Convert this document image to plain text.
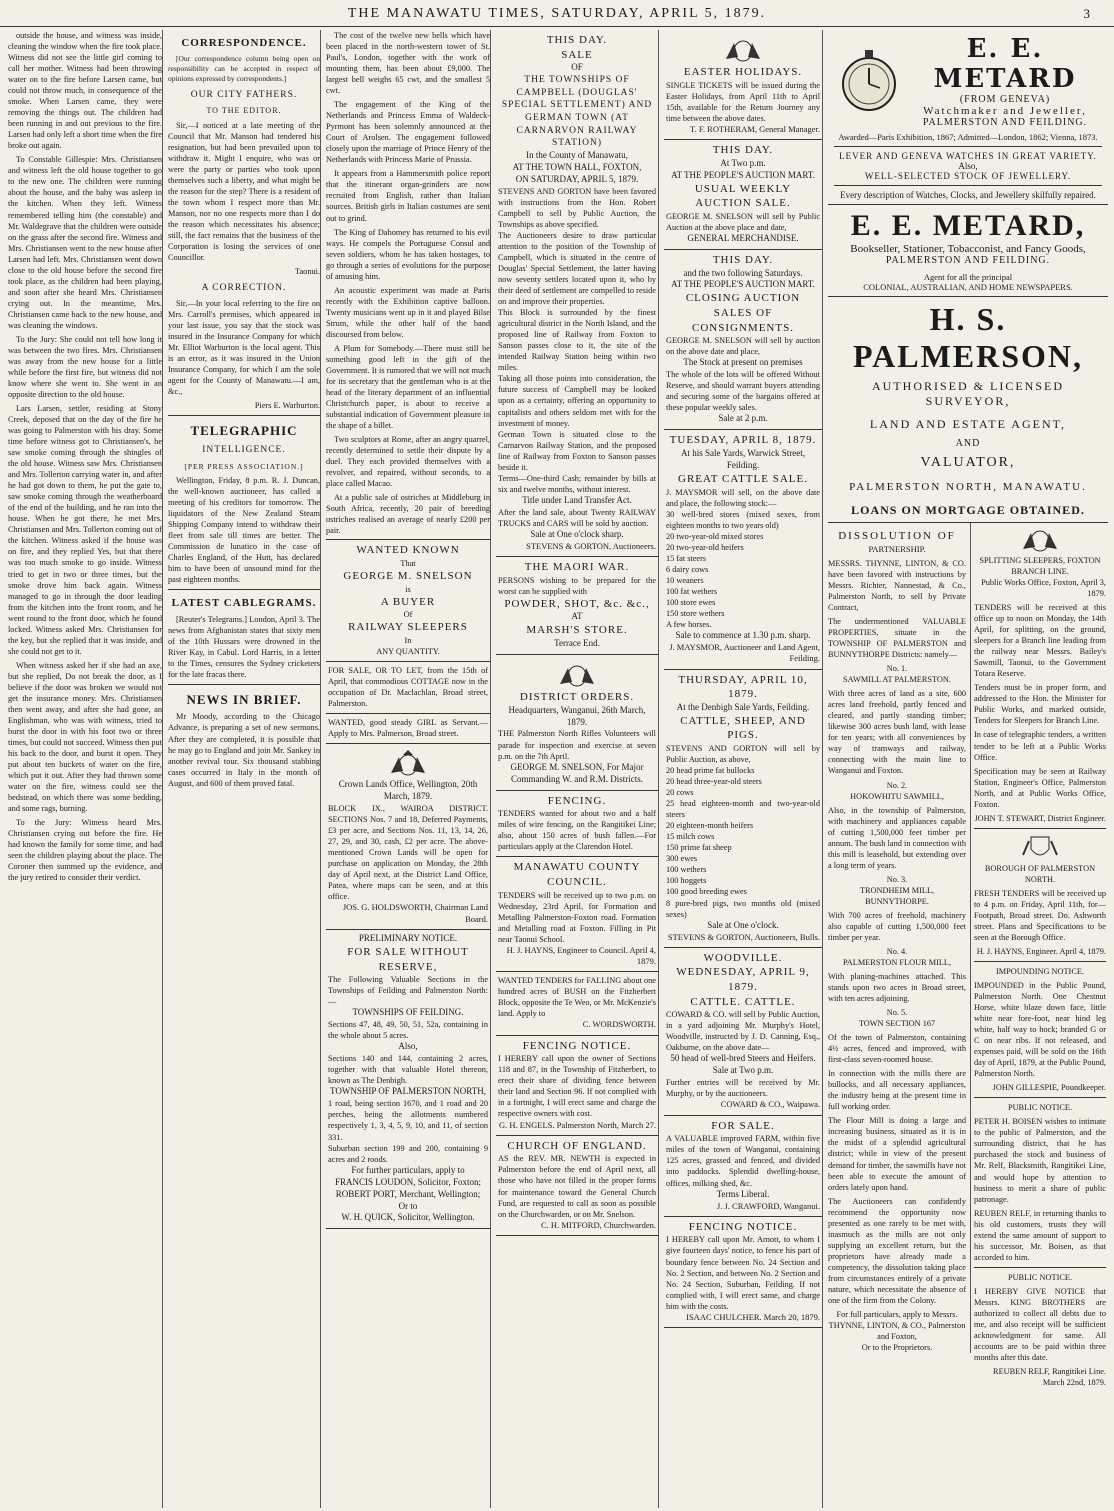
THE MANAWATU TIMES, SATURDAY, APRIL 5, 1879.	3

outside the house, and witness was inside, cleaning the window when the fire took place. Witness did not see the little girl coming to call her mother. Witness had been throwing water on to the fire before Larsen came, but could not throw much, in consequence of the smoke. When Larsen came, they were removing the things out. The children had been running in and out previous to the fire. Larsen had only left a short time when the fire broke out again.

To Constable Gillespie: Mrs. Christiansen and witness left the old house together to go to the new one. The children were running about the house, and the baby was asleep in the kitchen. When they left. Witness remembered telling him (the constable) and Mr. Waldegrave that the children were outside on the grass after the second fire. Witness and Mrs. Christiansen went to the new house after Larsen had left. Mrs. Christiansen went down close to the old house before the second fire took place, as the children had been playing, and soon after she heard Mrs. Christiansen crying out. In the meantime, Mrs. Christiansen came back to the new house, and was cleaning the windows.

To the Jury: She could not tell how long it was between the two fires. Mrs. Christiansen was away from the new house for a little while before the first fire, but witness did not know where she went to. She went in an opposite direction to the old house.

Lars Larsen, settler, residing at Stony Creek, deposed that on the day of the fire he was going to Palmerston with his dray. Some time before witness got to Christiansen's, he saw smoke coming through the shingles of the old house. Witness saw Mrs. Christiansen and Mrs. Tollerton carrying water in, and after he had got down to them, he put the gate to, saw smoke coming through the weatherboard of the end of the building, and he ran into the house. When he got there, he met Mrs. Christiansen and Mrs. Tollerton coming out of the kitchen. Witness asked if the house was on fire, and they replied Yes, but that there was too much smoke to go inside. Witness tried to get in two or three times, but the smoke drove him back again. Witness managed to go in through the door leading from the kitchen into the front room, and he went round to the front door, which he found locked. Witness asked Mrs. Christiansen for the key, but she replied that it was inside, and she could not get to it.

When witness asked her if she had an axe, but she replied, Do not break the door, as I believe if the door was broken we would not get the insurance money. Mrs. Christiansen then went away, and after she had gone, an Englishman, who was with witness, tried to burst the door in with his foot two or three times, but could not succeed. Witness then put his back to the door, and burst it open. They put about ten buckets of water on the fire, which put it out. After they had thrown some water on the fire, witness could see the bedstead, on which there was some bedding, and some rags, burning.

To the Jury: Witness heard Mrs. Christiansen crying out before the fire. He had known the family for some time, and had seen the children playing about the place. The Coroner then summed up the evidence, and the jury retired to consider their verdict.

CORRESPONDENCE.

[Our correspondence column being open on responsibility can be accepted in respect of opinions expressed by correspondents.]

OUR CITY FATHERS.
TO THE EDITOR.

Sir,—I noticed at a late meeting of the Council that Mr. Manson had tendered his resignation, but had been prevailed upon to withdraw it. Might I enquire, who was or were the party or parties who took upon themselves such a liberty, and what might be the reason for the step? There is a resident of the town whom I respect more than Mr. Manson, nor no one respects more than I do the reason which necessitates his absence; still, the fact remains that the business of the Corporation is losing the services of one Councillor.

Taonui.
A CORRECTION.

Sir,—In your local referring to the fire on Mrs. Carroll's premises, which appeared in your last issue, you say that the stock was insured in the Insurance Company for which Mr. Elliot Warburton is the local agent. This is an error, as it was insured in the Union Insurance Company, for which I am the sole agent for the County of Manawatu.—I am, &c.,

Piers E. Warburton.
TELEGRAPHIC
INTELLIGENCE.
[PER PRESS ASSOCIATION.]

Wellington, Friday, 8 p.m. R. J. Duncan, the well-known auctioneer, has called a meeting of his creditors for tomorrow. The liquidators of the New Zealand Steam Shipping Company intend to withdraw their fleet from sale till times are better. The Commission de lunatico in the case of Charles England, of the Hutt, has declared him to have been of unsound mind for the past eighteen months.

LATEST CABLEGRAMS.

[Reuter's Telegrams.] London, April 3. The news from Afghanistan states that sixty men of the 10th Hussars were drowned in the River Kay, in Cabul. Lord Harris, in a letter to the Times, censures the Sydney cricketers for the late fracas there.

NEWS IN BRIEF.

Mr Moody, according to the Chicago Advance, is preparing a set of new sermons. After they are completed, it is possible that he may go to England and join Mr. Sankey in another revival tour. Six thousand stabbing cases occurred in Italy in the month of August, and 600 of them proved fatal.

The cost of the twelve new bells which have been placed in the north-western tower of St. Paul's, London, together with the work of mounting them, has been about £9,000. The largest bell weighs 65 cwt, and the smallest 5 cwt.

The engagement of the King of the Netherlands and Princess Emma of Waldeck-Pyrmont has been solemnly announced at the Court of Arolsen. The engagement followed closely upon the marriage of Prince Henry of the Netherlands with Princess Marie of Prussia.

It appears from a Hammersmith police report that the itinerant organ-grinders are now recruited from English, rather than Italian sources. British girls in Italian costumes are sent out to grind.

The King of Dahomey has returned to his evil ways. He compels the Portuguese Consul and seven soldiers, whom he has taken hostages, to go through a series of evolutions for the purpose of amusing him.

An acoustic experiment was made at Paris recently with the Exhibition captive balloon. Twenty musicians went up in it and played Bilse Strum, while the other half of the band discoursed from below.

A Plum for Somebody.—There must still be something good left in the gift of the Government. It is rumored that we will not much for its secretary that the gentleman who is at the head of the literary department of an influential Christchurch paper, is about to receive a substantial indication of Government pleasure in the shape of a billet.

Two sculptors at Rome, after an angry quarrel, recently determined to settle their dispute by a duel. They each provided themselves with a revolver, and repaired, without seconds, to a place called Macao.

At a public sale of ostriches at Middleburg in South Africa, recently, 20 pair of breeding ostriches realised an average of nearly £200 per pair.

WANTED KNOWN
That
GEORGE M. SNELSON
is
A BUYER
Of
RAILWAY SLEEPERS
In
ANY QUANTITY.
FOR SALE, OR TO LET, from the 15th of April, that commodious COTTAGE now in the occupation of Dr. Maclachlan, Broad street, Palmerston.
WANTED, good steady GIRL as Servant.—Apply to Mrs. Palmerson, Broad street.
Crown Lands Office, Wellington, 20th March, 1879.
BLOCK IX., WAIROA DISTRICT. SECTIONS Nos. 7 and 18, Deferred Payments, £3 per acre, and Sections Nos. 11, 13, 14, 26, 27, 29, and 30, cash, £2 per acre. The above-mentioned Crown Lands will be open for purchase on application on Monday, the 28th day of April next, at the District Land Office, Patea, where maps can be seen, and at this office.
JOS. G. HOLDSWORTH, Chairman Land Board.
PRELIMINARY NOTICE.
FOR SALE WITHOUT RESERVE,
The Following Valuable Sections in the Townships of Feilding and Palmerston North:—
TOWNSHIPS OF FEILDING.
Sections 47, 48, 49, 50, 51, 52a, containing in the whole about 5 acres.
Also,
Sections 140 and 144, containing 2 acres, together with that valuable Hotel thereon, known as The Denbigh.
TOWNSHIP OF PALMERSTON NORTH,
1 road, being section 1670, and 1 road and 20 perches, being the allotments numbered respectively 1, 3, 4, 5, 9, 10, and 11, of section 331.
Suburban section 199 and 200, containing 9 acres and 2 roods.
For further particulars, apply to
FRANCIS LOUDON, Solicitor, Foxton;
ROBERT PORT, Merchant, Wellington;
Or to
W. H. QUICK, Solicitor, Wellington.
THIS DAY.
SALE
OF
THE TOWNSHIPS OF CAMPBELL (DOUGLAS' SPECIAL SETTLEMENT) AND GERMAN TOWN (AT CARNARVON RAILWAY STATION)
In the County of Manawatu,
AT THE TOWN HALL, FOXTON,
ON SATURDAY, APRIL 5, 1879.
STEVENS AND GORTON have been favored with instructions from the Hon. Robert Campbell to sell by Public Auction, the Townships as above specified.
The Auctioneers desire to draw particular attention to the position of the Township of Campbell, which is situated in the centre of Douglas' Special Settlement, the latter having now seventy settlers located upon it, who by their deed of settlement are compelled to reside on and improve their properties.
This Block is surrounded by the finest agricultural district in the North Island, and the proposed line of Railway from Foxton to Sanson passes close to it, the site of the intended Railway Station being within two miles.
Taking all those points into consideration, the future success of Campbell may be looked upon as a certainty, offering an opportunity to capitalists and others seldom met with for the investment of money.
German Town is situated close to the Carnarvon Railway Station, and the proposed line of Railway from Foxton to Sanson passes beside it.
Terms—One-third Cash; remainder by bills at six and twelve months, without interest.
Title under Land Transfer Act.
After the land sale, about Twenty RAILWAY TRUCKS and CARS will be sold by auction.
Sale at One o'clock sharp.
STEVENS & GORTON, Auctioneers.
THE MAORI WAR.
PERSONS wishing to be prepared for the worst can be supplied with
POWDER, SHOT, &c. &c.,
AT
MARSH'S STORE.
Terrace End.
DISTRICT ORDERS.
Headquarters, Wanganui, 26th March, 1879.
THE Palmerston North Rifles Volunteers will parade for inspection and exercise at seven p.m. on the 7th April.
GEORGE M. SNELSON, For Major Commanding W. and R.M. Districts.
FENCING.
TENDERS wanted for about two and a half miles of wire fencing, on the Rangitikei Line; also, about 150 acres of bush fallen.—For particulars apply at the Clarendon Hotel.
MANAWATU COUNTY COUNCIL.
TENDERS will be received up to two p.m. on Wednesday, 23rd April, for Formation and Metalling Palmerston-Foxton road. Formation and Metalling road at Foxton. Filling in Pit near Taonui School.
H. J. HAYNS, Engineer to Council. April 4, 1879.
WANTED TENDERS for FALLING about one hundred acres of BUSH on the Fitzherbert Block, opposite the Te Weo, or Mr. McKenzie's land. Apply to
C. WORDSWORTH.
FENCING NOTICE.
I HEREBY call upon the owner of Sections 118 and 87, in the Township of Fitzherbert, to erect their share of dividing fence between their land and Section 96. If not complied with in a fortnight, I will erect same and charge the respective owners with cost.
G. H. ENGELS. Palmerston North, March 27.
CHURCH OF ENGLAND.
AS the REV. MR. NEWTH is expected in Palmerston before the end of April next, all those who have not filled in the proper forms for maintenance toward the General Church Fund, are requested to call as soon as possible on the Churchwarden, or on Mr. Snelson.
C. H. MITFORD, Churchwarden.
EASTER HOLIDAYS.
SINGLE TICKETS will be issued during the Easter Holidays, from April 11th to April 15th, available for the Return Journey any time between the above dates.
T. F. ROTHERAM, General Manager.
THIS DAY.
At Two p.m.
AT THE PEOPLE'S AUCTION MART.
USUAL WEEKLY AUCTION SALE.
GEORGE M. SNELSON will sell by Public Auction at the above place and date,
GENERAL MERCHANDISE.
THIS DAY.
and the two following Saturdays.
AT THE PEOPLE'S AUCTION MART.
CLOSING AUCTION SALES OF CONSIGNMENTS.
GEORGE M. SNELSON will sell by auction on the above date and place,
The Stock at present on premises
The whole of the lots will be offered Without Reserve, and should warrant buyers attending and securing some of the bargains offered at these popular weekly sales.
Sale at 2 p.m.
TUESDAY, APRIL 8, 1879.
At his Sale Yards, Warwick Street, Feilding.
GREAT CATTLE SALE.
J. MAYSMOR will sell, on the above date and place, the following stock:—
30 well-bred stores (mixed sexes, from eighteen months to two years old)
20 two-year-old mixed stores
20 two-year-old heifers
15 fat steers
6 dairy cows
10 weaners
100 fat wethers
100 store ewes
150 store wethers
A few horses.
Sale to commence at 1.30 p.m. sharp.
J. MAYSMOR, Auctioneer and Land Agent, Feilding.
THURSDAY, APRIL 10, 1879.
At the Denbigh Sale Yards, Feilding.
CATTLE, SHEEP, AND PIGS.
STEVENS AND GORTON will sell by Public Auction, as above,
20 head prime fat bullocks
20 head three-year-old steers
20 cows
25 head eighteen-month and two-year-old steers
20 eighteen-month heifers
15 milch cows
150 prime fat sheep
300 ewes
100 wethers
100 hoggets
100 good breeding ewes
8 pure-bred pigs, two months old (mixed sexes)
Sale at One o'clock.
STEVENS & GORTON, Auctioneers, Bulls.
WOODVILLE.
WEDNESDAY, APRIL 9, 1879.
CATTLE. CATTLE.
COWARD & CO. will sell by Public Auction, in a yard adjoining Mr. Murphy's Hotel, Woodville, instructed by J. D. Canning, Esq., Oakburne, on the above date—
50 head of well-bred Steers and Heifers.
Sale at Two p.m.
Further entries will be received by Mr. Murphy, or by the auctioneers.
COWARD & CO., Waipawa.
FOR SALE.
A VALUABLE improved FARM, within five miles of the town of Wanganui, containing 125 acres, grassed and fenced, and divided into paddocks. Splendid dwelling-house, offices, milking shed, &c.
Terms Liberal.
J. J. CRAWFORD, Wanganui.
FENCING NOTICE.
I HEREBY call upon Mr. Arnott, to whom I give fourteen days' notice, to fence his part of boundary fence between No. 24 Section and No. 2 Section, and between No. 2 Section and No. 24 Section, Suburban, Feilding. If not complied with, I will erect same, and charge him with the costs.
ISAAC CHULCHER. March 20, 1879.
E. E. METARD
(FROM GENEVA)
Watchmaker and Jeweller,
PALMERSTON AND FEILDING.
Awarded—Paris Exhibition, 1867; Admitted—London, 1862; Vienna, 1873.
LEVER AND GENEVA WATCHES IN GREAT VARIETY.
Also,
WELL-SELECTED STOCK OF JEWELLERY.
Every description of Watches, Clocks, and Jewellery skilfully repaired.
E. E. METARD,
Bookseller, Stationer, Tobacconist, and Fancy Goods,
PALMERSTON AND FEILDING.
Agent for all the principal
COLONIAL, AUSTRALIAN, AND HOME NEWSPAPERS.
H. S. PALMERSON,
AUTHORISED & LICENSED SURVEYOR,
LAND AND ESTATE AGENT,
AND
VALUATOR,
PALMERSTON NORTH, MANAWATU.
LOANS ON MORTGAGE OBTAINED.
DISSOLUTION OF
PARTNERSHIP.

MESSRS. THYNNE, LINTON, & CO. have been favored with instructions by Messrs. Richter, Nannestad, & Co., Palmerston North, to sell by Private Contract,

The undermentioned VALUABLE PROPERTIES, situate in the TOWNSHIP OF PALMERSTON and BUNNYTHORPE Districts: namely—

No. 1.
SAWMILL AT PALMERSTON.

With three acres of land as a site, 600 acres land freehold, partly fenced and cleared, and partly standing timber; likewise 300 acres bush land, with lease for ten years; with all conveniences by way of tramways and railway, connecting with the main line to Wanganui and Foxton.

No. 2.
HOKOWHITU SAWMILL,

Also, in the township of Palmerston, with machinery and appliances capable of cutting 1,500,000 feet timber per annum. The bush land in connection with this mill is leasehold, but extending over a long term of years.

No. 3.
TRONDHEIM MILL, BUNNYTHORPE.

With 700 acres of freehold, machinery also capable of cutting 1,500,000 feet timber per year.

No. 4.
PALMERSTON FLOUR MILL,

With planing-machines attached. This stands upon two acres in Broad street, with ten acres adjoining.

No. 5.
TOWN SECTION 167

Of the town of Palmerston, containing 4½ acres, fenced and improved, with first-class seven-roomed house.

In connection with the mills there are bullocks, and all necessary appliances, the industry being at the present time in full working order.

The Flour Mill is doing a large and increasing business, situated as it is in the midst of a splendid agricultural district; while in view of the present demand for timber, the sawmills have not been able to execute the amount of orders lately upon hand.

The Auctioneers can confidently recommend the opportunity now presented as one rarely to be met with, inasmuch as the mills are not only supplying an excellent return, but the proprietors have already made a competency, the dissolution taking place from circumstances entirely of a private nature, which necessitate the absence of one of the firm from the Colony.

For full particulars, apply to Messrs.
THYNNE, LINTON, & CO., Palmerston and Foxton,
Or to the Proprietors.
SPLITTING SLEEPERS, FOXTON BRANCH LINE.
Public Works Office, Foxton, April 3, 1879.

TENDERS will be received at this office up to noon on Monday, the 14th April, for splitting, on the ground, sleepers for a Branch line leading from the railway near Messrs. Bailey's Sawmill, Taonui, to the Government Totara Reserve.

Tenders must be in proper form, and addressed to the Hon. the Minister for Public Works, and marked outside, Tenders for Sleepers for Branch Line.

In case of telegraphic tenders, a written tender to be left at a Public Works Office.

Specification may be seen at Railway Station, Engineer's Office, Palmerston North, and at Public Works Office, Foxton.

JOHN T. STEWART, District Engineer.
BOROUGH OF PALMERSTON NORTH.

FRESH TENDERS will be received up to 4 p.m. on Friday, April 11th, for— Footpath, Broad street. Do. Ashworth street. Plans and Specifications to be seen at the Borough Office.

H. J. HAYNS, Engineer. April 4, 1879.
IMPOUNDING NOTICE.

IMPOUNDED in the Public Pound, Palmerston North. One Chestnut Horse, white blaze down face, little white near fore-foot, near hind leg white, half way to hock; branded G or C on near ribs. If not released, and expenses paid, will be sold on the 16th day of April, 1879, at the Public Pound, Palmerston North.

JOHN GILLESPIE, Poundkeeper.
PUBLIC NOTICE.

PETER H. BOISEN wishes to intimate to the public of Palmerston, and the surrounding district, that he has purchased the stock and business of Mr. Relf, Blacksmith, Rangitikei Line, and would hope by attention to business to merit a share of public patronage.

REUBEN RELF, in returning thanks to his old customers, trusts they will extend the same amount of support to his successor, Mr. Boisen, as that accorded to him.

PUBLIC NOTICE.

I HEREBY GIVE NOTICE that Messrs. KING BROTHERS are authorized to collect all debts due to me, and also receipt will be sufficient acknowledgment for same. All accounts are to be paid within three months after this date.

REUBEN RELF, Rangitikei Line. March 22nd, 1879.
